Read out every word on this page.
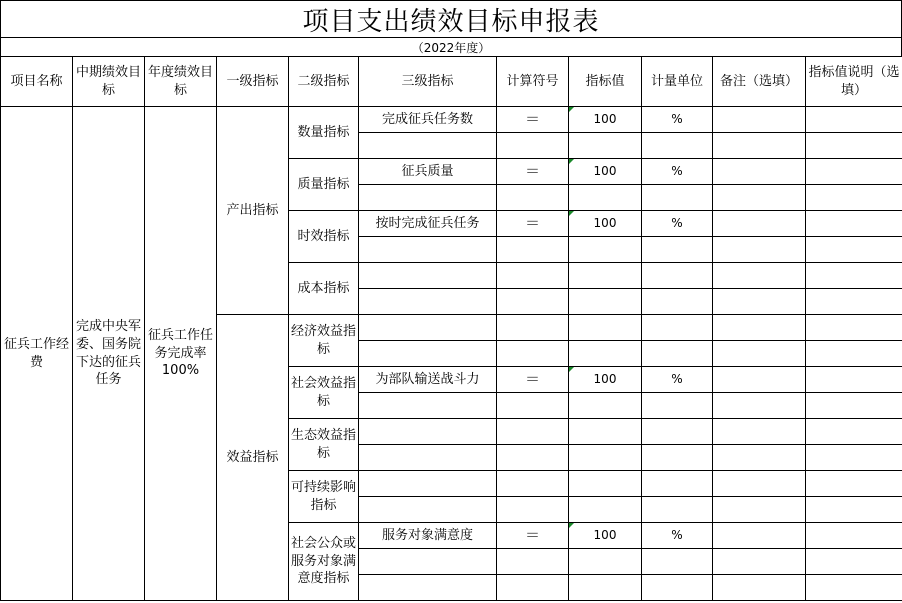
项目支出绩效目标申报表
（2022年度）
项目名称	中期绩效目标	年度绩效目标	一级指标	二级指标	三级指标	计算符号	指标值	计量单位	备注（选填）	指标值说明（选填）
征兵工作经费	完成中央军委、国务院下达的征兵任务	征兵工作任务完成率100%	产出指标	数量指标	完成征兵任务数	＝	100	%		

				质量指标	征兵质量	＝	100	%		

				时效指标	按时完成征兵任务	＝	100	%		

				成本指标						

			效益指标	经济效益指标						

				社会效益指标	为部队输送战斗力	＝	100	%		

				生态效益指标						

				可持续影响指标						

				社会公众或服务对象满意度指标	服务对象满意度	＝	100	%		
